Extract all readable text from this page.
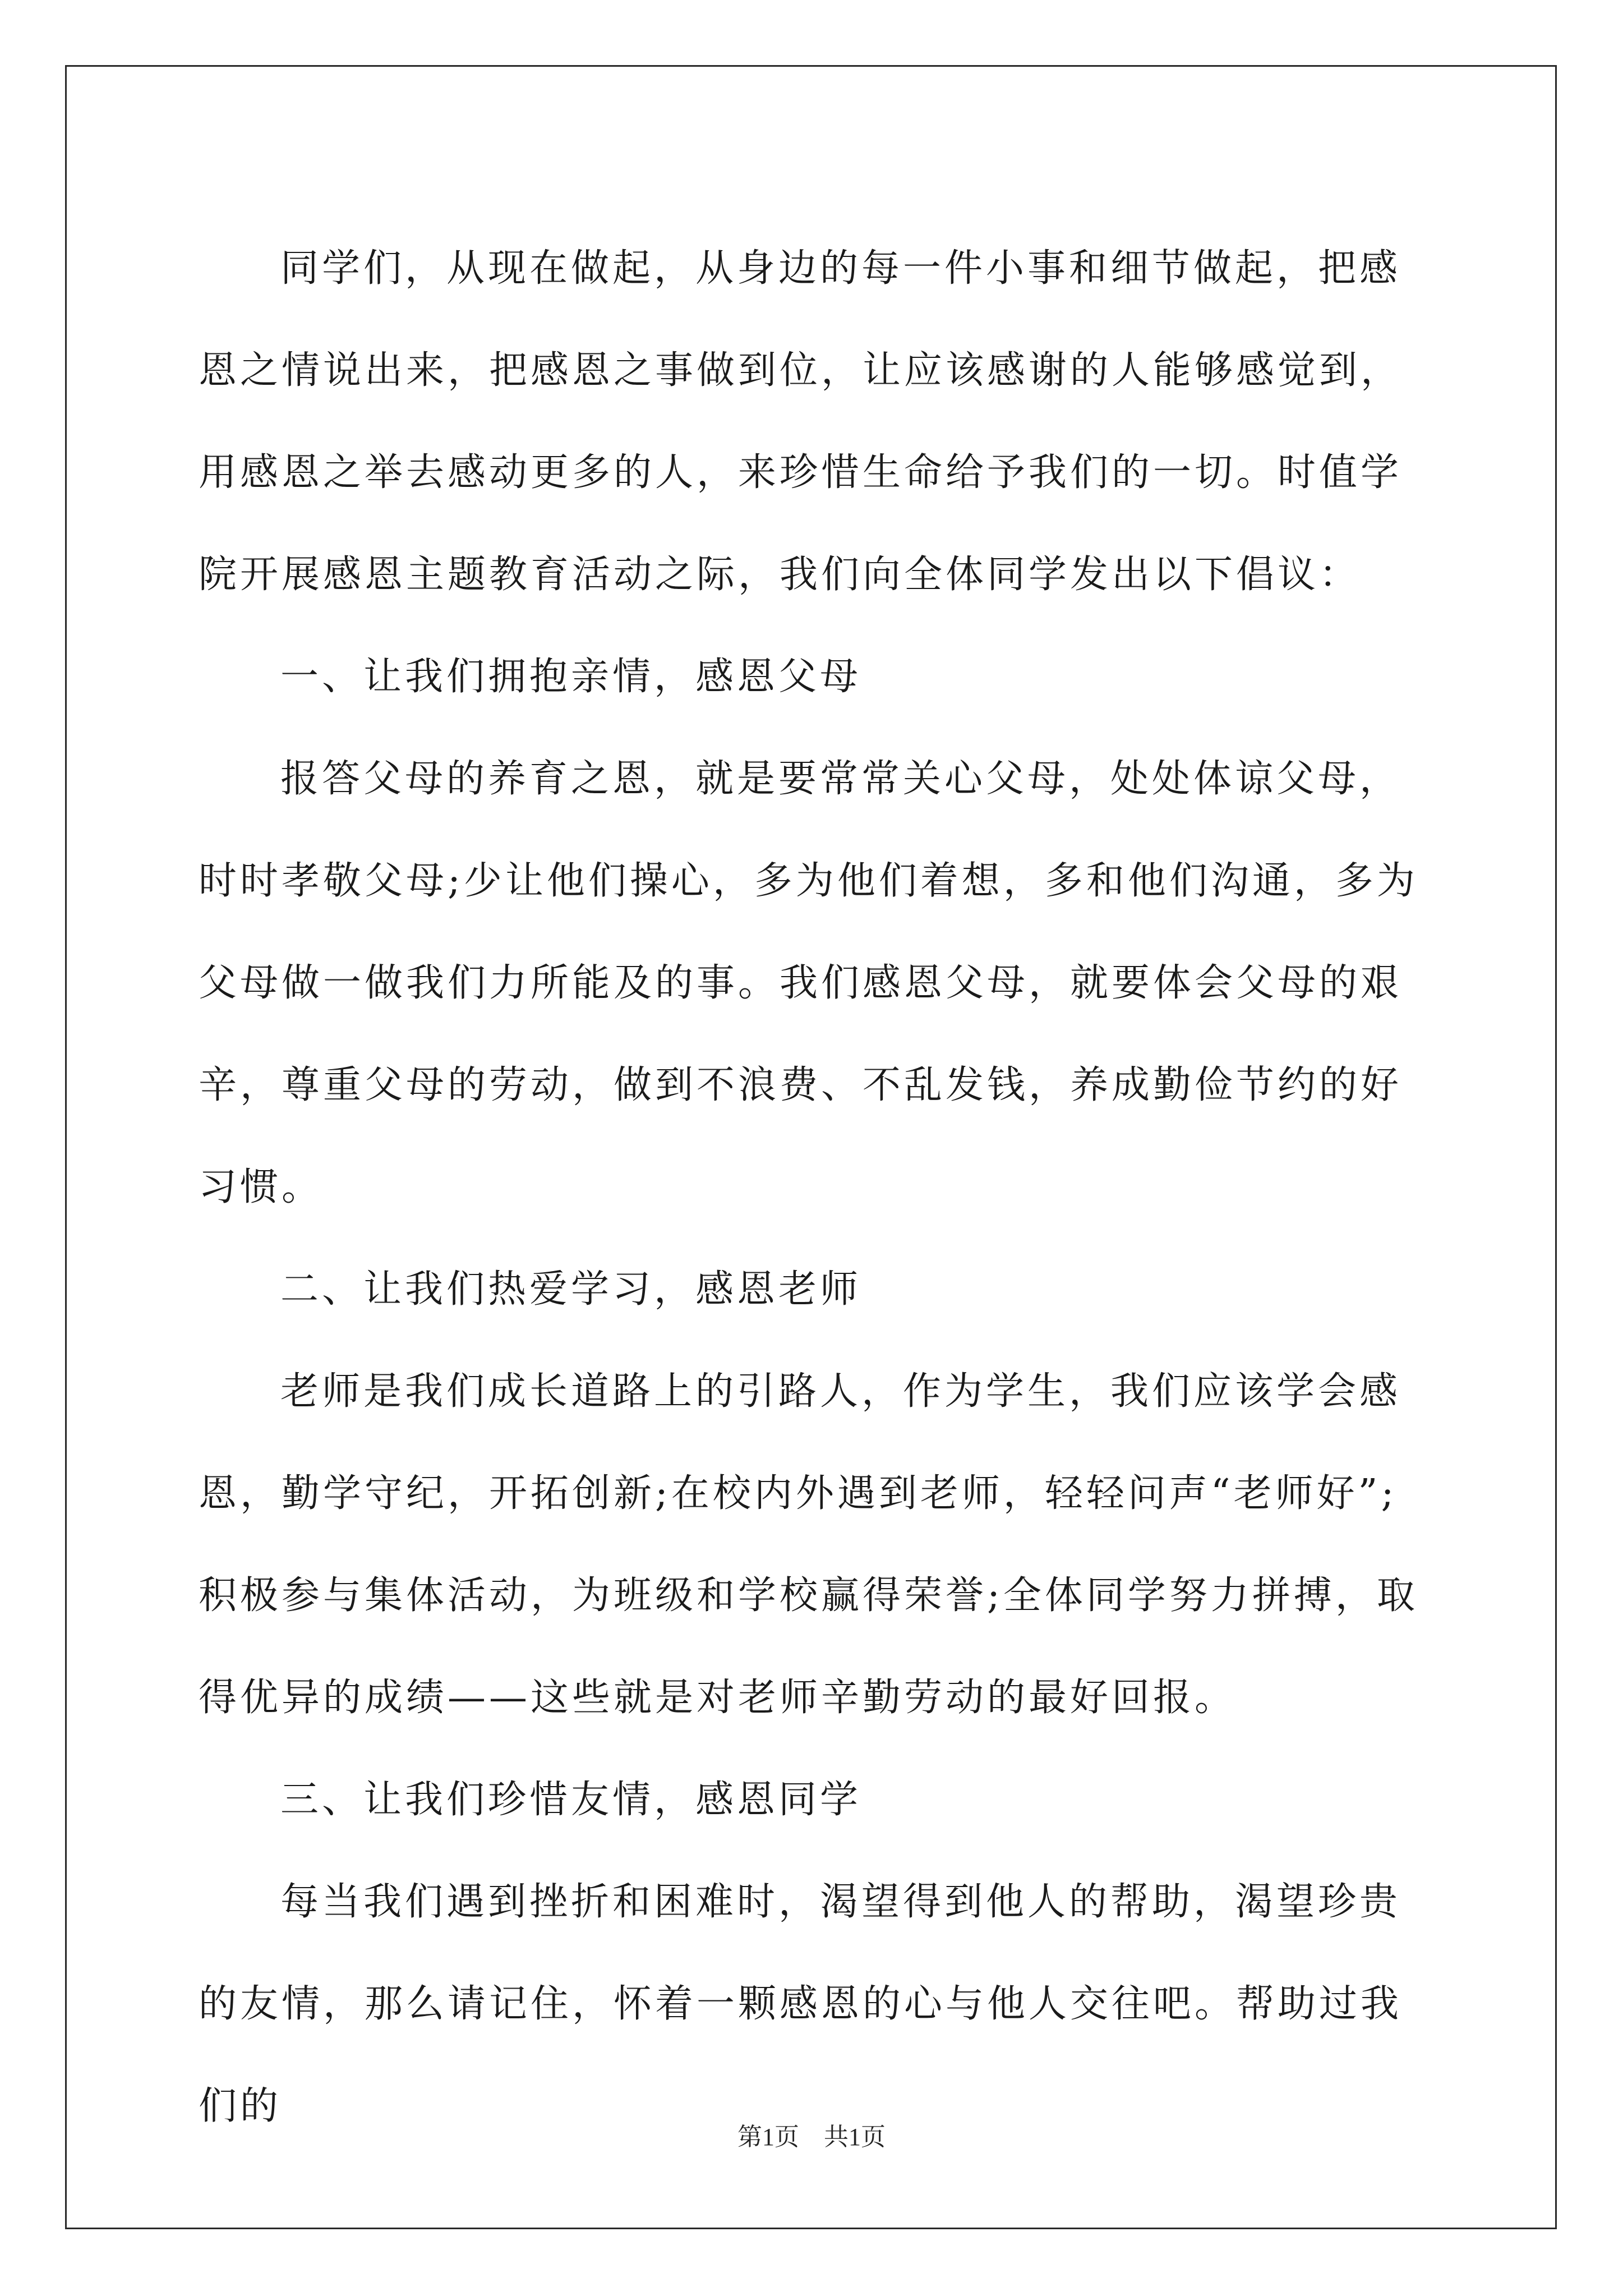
同学们，从现在做起，从身边的每一件小事和细节做起，把感恩之情说出来，把感恩之事做到位，让应该感谢的人能够感觉到，用感恩之举去感动更多的人，来珍惜生命给予我们的一切。时值学院开展感恩主题教育活动之际，我们向全体同学发出以下倡议：

一、让我们拥抱亲情，感恩父母

报答父母的养育之恩，就是要常常关心父母，处处体谅父母，时时孝敬父母;少让他们操心，多为他们着想，多和他们沟通，多为父母做一做我们力所能及的事。我们感恩父母，就要体会父母的艰辛，尊重父母的劳动，做到不浪费、不乱发钱，养成勤俭节约的好习惯。

二、让我们热爱学习，感恩老师

老师是我们成长道路上的引路人，作为学生，我们应该学会感恩，勤学守纪，开拓创新;在校内外遇到老师，轻轻问声“老师好”;积极参与集体活动，为班级和学校赢得荣誉;全体同学努力拼搏，取得优异的成绩——这些就是对老师辛勤劳动的最好回报。

三、让我们珍惜友情，感恩同学

每当我们遇到挫折和困难时，渴望得到他人的帮助，渴望珍贵的友情，那么请记住，怀着一颗感恩的心与他人交往吧。帮助过我们的

第1页　共1页
